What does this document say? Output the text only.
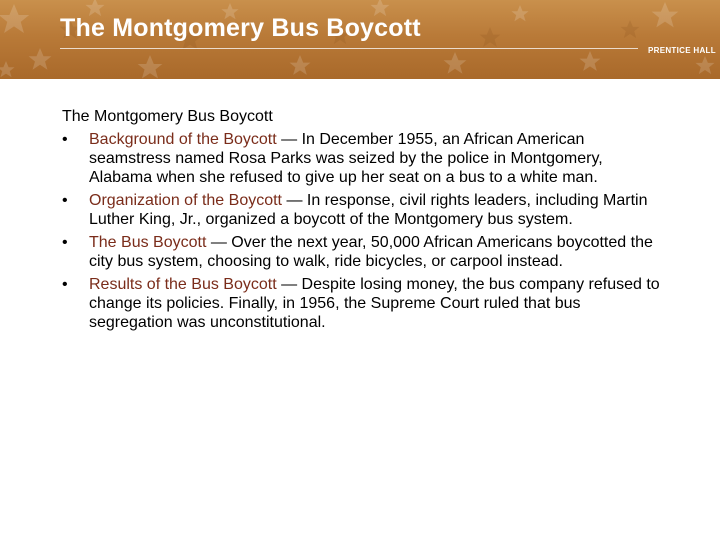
The Montgomery Bus Boycott
PRENTICE HALL
The Montgomery Bus Boycott
• Background of the Boycott — In December 1955, an African American seamstress named Rosa Parks was seized by the police in Montgomery, Alabama when she refused to give up her seat on a bus to a white man.
• Organization of the Boycott — In response, civil rights leaders, including Martin Luther King, Jr., organized a boycott of the Montgomery bus system.
• The Bus Boycott — Over the next year, 50,000 African Americans boycotted the city bus system, choosing to walk, ride bicycles, or carpool instead.
• Results of the Bus Boycott — Despite losing money, the bus company refused to change its policies. Finally, in 1956, the Supreme Court ruled that bus segregation was unconstitutional.
